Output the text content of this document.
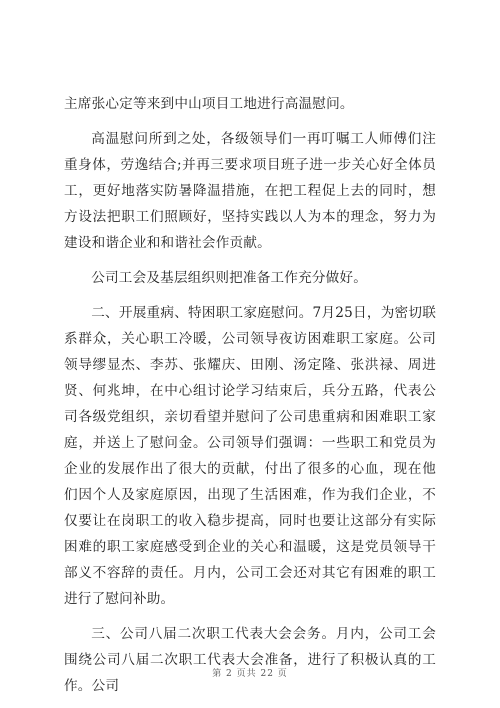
主席张心定等来到中山项目工地进行高温慰问。

高温慰问所到之处，各级领导们一再叮嘱工人师傅们注重身体，劳逸结合;并再三要求项目班子进一步关心好全体员工，更好地落实防暑降温措施，在把工程促上去的同时，想方设法把职工们照顾好，坚持实践以人为本的理念，努力为建设和谐企业和和谐社会作贡献。

公司工会及基层组织则把准备工作充分做好。

二、开展重病、特困职工家庭慰问。7月25日，为密切联系群众，关心职工冷暖，公司领导夜访困难职工家庭。公司领导缪显杰、李苏、张耀庆、田刚、汤定隆、张洪禄、周进贤、何兆坤，在中心组讨论学习结束后，兵分五路，代表公司各级党组织，亲切看望并慰问了公司患重病和困难职工家庭，并送上了慰问金。公司领导们强调：一些职工和党员为企业的发展作出了很大的贡献，付出了很多的心血，现在他们因个人及家庭原因，出现了生活困难，作为我们企业，不仅要让在岗职工的收入稳步提高，同时也要让这部分有实际困难的职工家庭感受到企业的关心和温暖，这是党员领导干部义不容辞的责任。月内，公司工会还对其它有困难的职工进行了慰问补助。

三、公司八届二次职工代表大会会务。月内，公司工会围绕公司八届二次职工代表大会准备，进行了积极认真的工作。公司

第 2 页共 22 页
